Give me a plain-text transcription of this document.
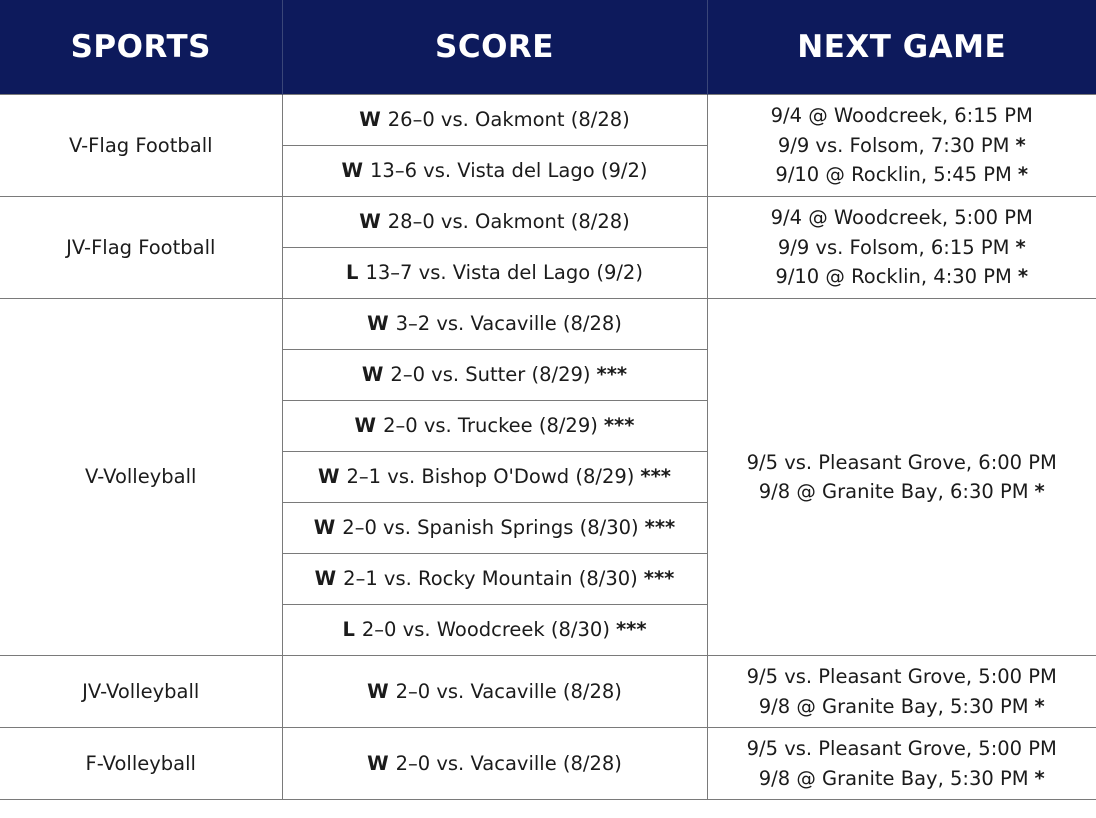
SPORTS	SCORE	NEXT GAME
V-Flag Football	W 26–0 vs. Oakmont (8/28)	9/4 @ Woodcreek, 6:15 PM
9/9 vs. Folsom, 7:30 PM *
9/10 @ Rocklin, 5:45 PM *

	W 13–6 vs. Vista del Lago (9/2)	
JV-Flag Football	W 28–0 vs. Oakmont (8/28)	9/4 @ Woodcreek, 5:00 PM
9/9 vs. Folsom, 6:15 PM *
9/10 @ Rocklin, 4:30 PM *

	L 13–7 vs. Vista del Lago (9/2)	
V-Volleyball	W 3–2 vs. Vacaville (8/28)	9/5 vs. Pleasant Grove, 6:00 PM
9/8 @ Granite Bay, 6:30 PM *

	W 2–0 vs. Sutter (8/29) ***	
	W 2–0 vs. Truckee (8/29) ***	
	W 2–1 vs. Bishop O'Dowd (8/29) ***	
	W 2–0 vs. Spanish Springs (8/30) ***	
	W 2–1 vs. Rocky Mountain (8/30) ***	
	L 2–0 vs. Woodcreek (8/30) ***	
JV-Volleyball	W 2–0 vs. Vacaville (8/28)	9/5 vs. Pleasant Grove, 5:00 PM
9/8 @ Granite Bay, 5:30 PM *

F-Volleyball	W 2–0 vs. Vacaville (8/28)	9/5 vs. Pleasant Grove, 5:00 PM
9/8 @ Granite Bay, 5:30 PM *
